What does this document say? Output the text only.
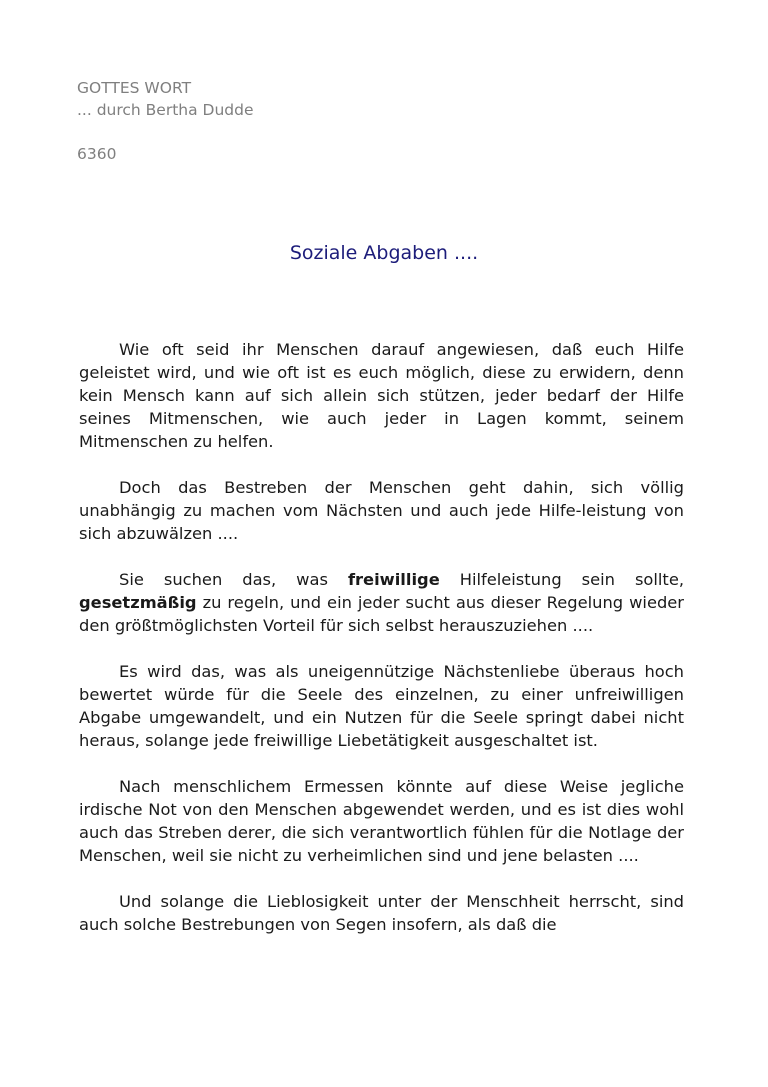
GOTTES WORT
... durch Bertha Dudde
6360
Soziale Abgaben ....

Wie oft seid ihr Menschen darauf angewiesen, daß euch Hilfe geleistet wird, und wie oft ist es euch möglich, diese zu erwidern, denn kein Mensch kann auf sich allein sich stützen, jeder bedarf der Hilfe seines Mitmenschen, wie auch jeder in Lagen kommt, seinem Mitmenschen zu helfen.

Doch das Bestreben der Menschen geht dahin, sich völlig unabhängig zu machen vom Nächsten und auch jede Hilfe-leistung von sich abzuwälzen ....

Sie suchen das, was freiwillige Hilfeleistung sein sollte, gesetzmäßig zu regeln, und ein jeder sucht aus dieser Regelung wieder den größtmöglichsten Vorteil für sich selbst herauszuziehen ....

Es wird das, was als uneigennützige Nächstenliebe überaus hoch bewertet würde für die Seele des einzelnen, zu einer unfreiwilligen Abgabe umgewandelt, und ein Nutzen für die Seele springt dabei nicht heraus, solange jede freiwillige Liebetätigkeit ausgeschaltet ist.

Nach menschlichem Ermessen könnte auf diese Weise jegliche irdische Not von den Menschen abgewendet werden, und es ist dies wohl auch das Streben derer, die sich verantwortlich fühlen für die Notlage der Menschen, weil sie nicht zu verheimlichen sind und jene belasten ....

Und solange die Lieblosigkeit unter der Menschheit herrscht, sind auch solche Bestrebungen von Segen insofern, als daß die
